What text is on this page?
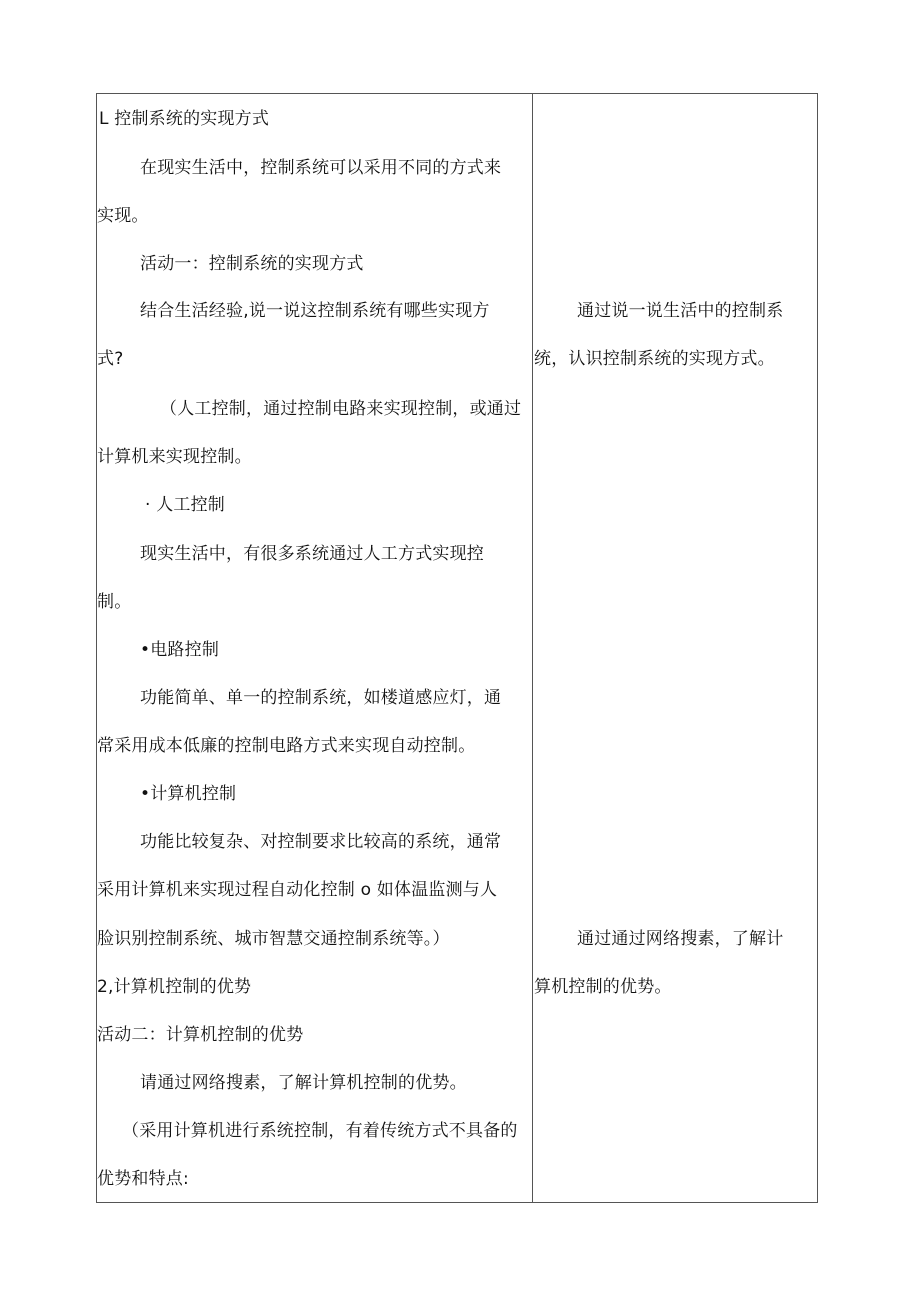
L 控制系统的实现方式
在现实生活中，控制系统可以采用不同的方式来
实现。
活动一：控制系统的实现方式
结合生活经验,说一说这控制系统有哪些实现方
式?
（人工控制，通过控制电路来实现控制，或通过
计算机来实现控制。
· 人工控制
现实生活中，有很多系统通过人工方式实现控
制。
•电路控制
功能简单、单一的控制系统，如楼道感应灯，通
常采用成本低廉的控制电路方式来实现自动控制。
•计算机控制
功能比较复杂、对控制要求比较高的系统，通常
采用计算机来实现过程自动化控制 o 如体温监测与人
脸识别控制系统、城市智慧交通控制系统等。）
2,计算机控制的优势
活动二：计算机控制的优势
请通过网络搜素，了解计算机控制的优势。
（采用计算机进行系统控制，有着传统方式不具备的
优势和特点:
通过说一说生活中的控制系
统，认识控制系统的实现方式。
通过通过网络搜素，了解计
算机控制的优势。
